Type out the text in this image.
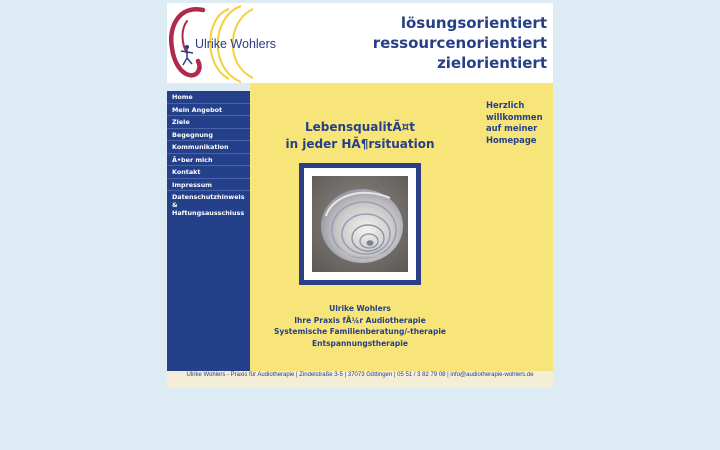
Ulrike Wohlers
lösungsorientiert
ressourcenorientiert
zielorientiert
Home
Mein Angebot
Ziele
Begegnung
Kommunikation
Ã•ber mich
Kontakt
Impressum
Datenschutzhinweis
&
Haftungsausschluss
LebensqualitÃ¤t
in jeder HÃ¶rsituation
Herzlich
willkommen
auf meiner
Homepage
Ulrike Wohlers
Ihre Praxis fÃ¼r Audiotherapie
Systemische Familienberatung/-therapie
Entspannungstherapie
Ulrike Wohlers - Praxis für Audiotherapie | Zindelstraße 3-5 | 37073 Göttingen | 05 51 / 3 82 79 08 | info@audiotherapie-wohlers.de
